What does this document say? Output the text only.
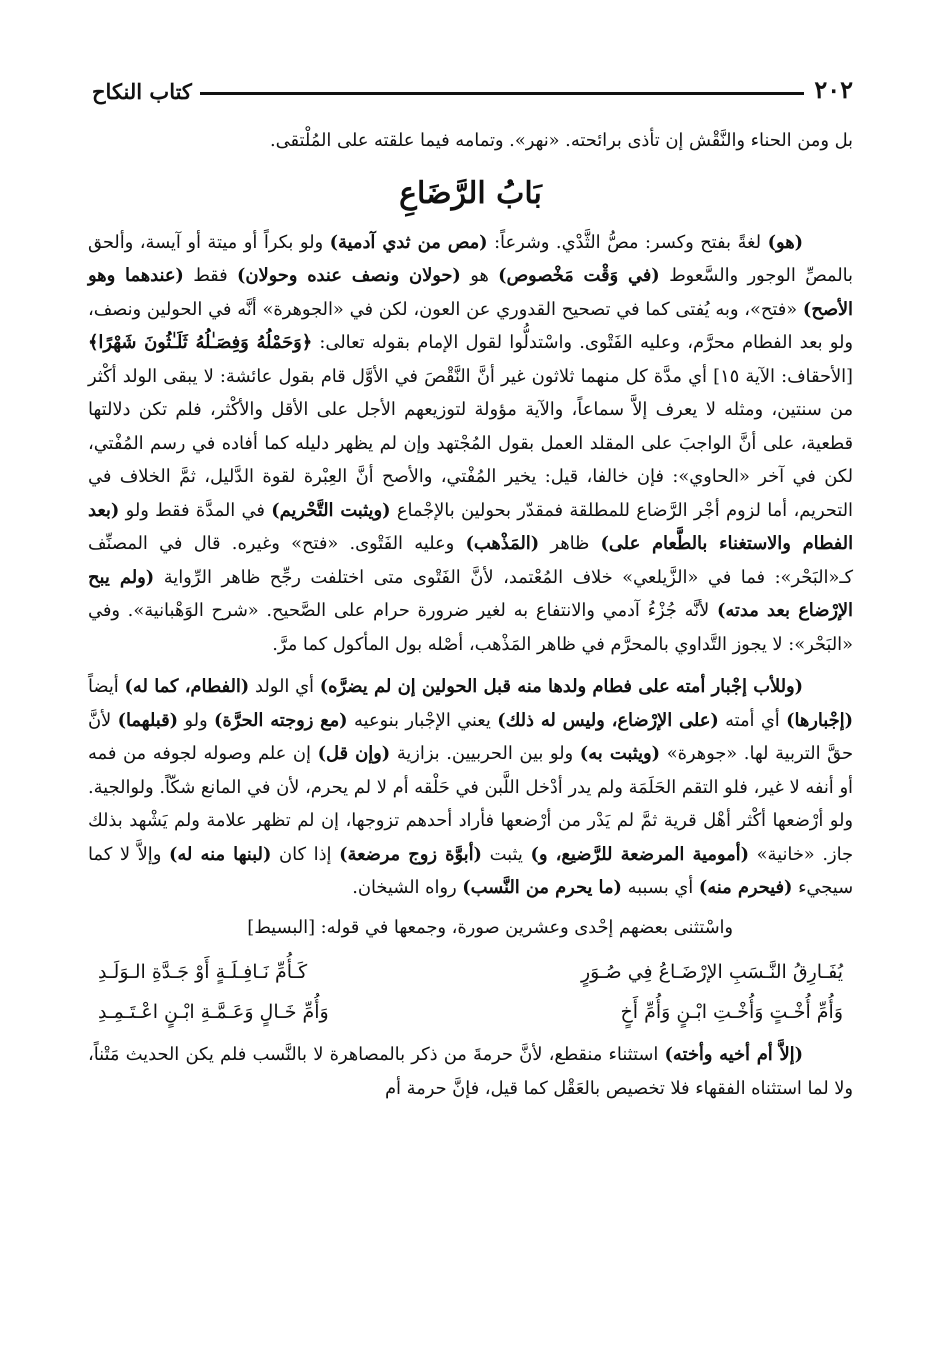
٢٠٢
كتاب النكاح

بل ومن الحناء والنَّقْش إن تأذى برائحته. «نهر». وتمامه فيما علقته على المُلْتقى.

بَابُ الرَّضَاعِ

(هو) لغةً بفتح وكسر: مصُّ الثَّدْي. وشرعاً: (مص من ثدي آدمية) ولو بكراً أو ميتة أو آيسة، وألحق بالمصِّ الوجور والسَّعوط (في وَقْت مَخْصوص) هو (حولان ونصف عنده وحولان) فقط (عندهما وهو الأصح) «فتح»، وبه يُفتى كما في تصحيح القدوري عن العون، لكن في «الجوهرة» أنَّه في الحولين ونصف، ولو بعد الفطام محرَّم، وعليه الفَتْوى. واسْتدلُّوا لقول الإمام بقوله تعالى: ﴿وَحَمْلُهُ وَفِصَـٰلُهُ ثَلَـٰثُونَ شَهْرًا﴾ [الأحقاف: الآية ١٥] أي مدَّة كل منهما ثلاثون غير أنَّ النَّقْصَ في الأوَّل قام بقول عائشة: لا يبقى الولد أكْثر من سنتين، ومثله لا يعرف إلاَّ سماعاً، والآية مؤولة لتوزيعهم الأجل على الأقل والأكْثر، فلم تكن دلالتها قطعية، على أنَّ الواجبَ على المقلد العمل بقول المُجْتهد وإن لم يظهر دليله كما أفاده في رسم المُفْتي، لكن في آخر «الحاوي»: فإن خالفا، قيل: يخير المُفْتي، والأصح أنَّ العِبْرة لقوة الدَّليل، ثمَّ الخلاف في التحريم، أما لزوم أجْر الرَّضاع للمطلقة فمقدّر بحولين بالإجْماع (ويثبت التَّحْريم) في المدَّة فقط ولو (بعد الفطام والاستغناء بالطَّعام على) ظاهر (المَذْهب) وعليه الفَتْوى. «فتح» وغيره. قال في المصنِّف كـ«البَحْر»: فما في «الزَّيلعي» خلاف المُعْتمد، لأنَّ الفَتْوى متى اختلفت رجِّح ظاهر الرِّواية (ولم يبح الإرْضاع بعد مدته) لأنَّه جُزْءُ آدمي والانتفاع به لغير ضرورة حرام على الصَّحيح. «شرح الوَهْبانية». وفي «البَحْر»: لا يجوز التَّداوي بالمحرَّم في ظاهر المَذْهب، أصْله بول المأكول كما مرَّ.

(وللأب إجْبار أمته على فطام ولدها منه قبل الحولين إن لم يضرَّه) أي الولد (الفطام، كما له) أيضاً (إجْبارها) أي أمته (على الإرْضاع، وليس له ذلك) يعني الإجْبار بنوعيه (مع زوجته الحرَّة) ولو (قبلهما) لأنَّ حقَّ التربية لها. «جوهرة» (ويثبت به) ولو بين الحربيين. بزازية (وإن قل) إن علم وصوله لجوفه من فمه أو أنفه لا غير، فلو التقم الحَلَمَة ولم يدر أدْخل اللَّبن في حَلْقه أم لا لم يحرم، لأن في المانع شكّاً. ولوالجية. ولو أرْضعها أكْثر أهْل قرية ثمَّ لم يَدْر من أرْضعها فأراد أحدهم تزوجها، إن لم تظهر علامة ولم يَشْهد بذلك جاز. «خانية» (أمومية المرضعة للرَّضيع، و) يثبت (أبوَّة زوج مرضعة) إذا كان (لبنها منه له) وإلاَّ لا كما سيجيء (فيحرم منه) أي بسببه (ما يحرم من النَّسب) رواه الشيخان.

واسْتثنى بعضهم إحْدى وعشرين صورة، وجمعها في قوله: [البسيط]

يُفَـارِقُ النَّـسَبِ الإرْضَـاعُ فِي صُـوَرٍ
كَـأُمِّ نَـافِـلَـةٍ أَوْ جَـدَّةِ الـوَلَـدِ
وَأُمِّ أُخْـتٍ وَأُخْـتِ ابْـنٍ وَأُمِّ أَخٍ
وَأُمِّ خَـالٍ وَعَـمَّـةِ ابْـنٍ اعْـتَـمِـدِ

(إلاَّ أم أخيه وأخته) استثناء منقطع، لأنَّ حرمةَ من ذكر بالمصاهرة لا بالنَّسب فلم يكن الحديث مَتْناً، ولا لما استثناه الفقهاء فلا تخصيص بالعَقْل كما قيل، فإنَّ حرمة أم
